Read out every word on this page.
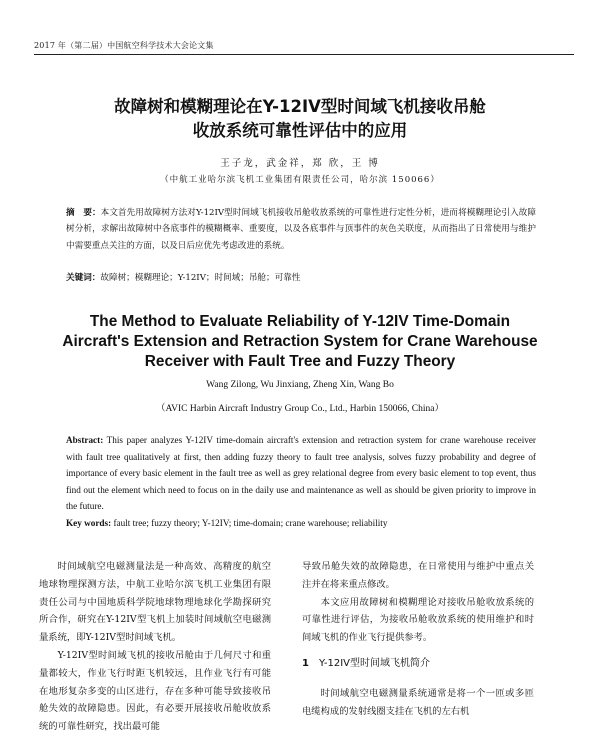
2017 年（第二届）中国航空科学技术大会论文集
故障树和模糊理论在Y-12IV型时间域飞机接收吊舱
收放系统可靠性评估中的应用
王子龙，武金祥，郑 欣，王 博
（中航工业哈尔滨飞机工业集团有限责任公司，哈尔滨 150066）
摘　要：本文首先用故障树方法对Y-12IV型时间域飞机接收吊舱收放系统的可靠性进行定性分析，进而将模糊理论引入故障树分析，求解出故障树中各底事件的模糊概率、重要度，以及各底事件与顶事件的灰色关联度，从而指出了日常使用与维护中需要重点关注的方面，以及日后应优先考虑改进的系统。
关键词：故障树；模糊理论；Y-12IV；时间域；吊舱；可靠性
The Method to Evaluate Reliability of Y-12IV Time-Domain
Aircraft's Extension and Retraction System for Crane Warehouse
Receiver with Fault Tree and Fuzzy Theory
Wang Zilong, Wu Jinxiang, Zheng Xin, Wang Bo
（AVIC Harbin Aircraft Industry Group Co., Ltd., Harbin 150066, China）
Abstract: This paper analyzes Y-12IV time-domain aircraft's extension and retraction system for crane warehouse receiver with fault tree qualitatively at first, then adding fuzzy theory to fault tree analysis, solves fuzzy probability and degree of importance of every basic element in the fault tree as well as grey relational degree from every basic element to top event, thus find out the element which need to focus on in the daily use and maintenance as well as should be given priority to improve in the future.
Key words: fault tree; fuzzy theory; Y-12IV; time-domain; crane warehouse; reliability

时间域航空电磁测量法是一种高效、高精度的航空地球物理探测方法，中航工业哈尔滨飞机工业集团有限责任公司与中国地质科学院地球物理地球化学勘探研究所合作，研究在Y-12IV型飞机上加装时间域航空电磁测量系统，即Y-12IV型时间域飞机。

Y-12IV型时间域飞机的接收吊舱由于几何尺寸和重量都较大，作业飞行时距飞机较远，且作业飞行有可能在地形复杂多变的山区进行，存在多种可能导致接收吊舱失效的故障隐患。因此，有必要开展接收吊舱收放系统的可靠性研究，找出最可能

导致吊舱失效的故障隐患，在日常使用与维护中重点关注并在将来重点修改。

本文应用故障树和模糊理论对接收吊舱收放系统的可靠性进行评估，为接收吊舱收放系统的使用维护和时间域飞机的作业飞行提供参考。

1 Y-12IV型时间域飞机简介

时间域航空电磁测量系统通常是将一个一匝或多匝电缆构成的发射线圈支挂在飞机的左右机
